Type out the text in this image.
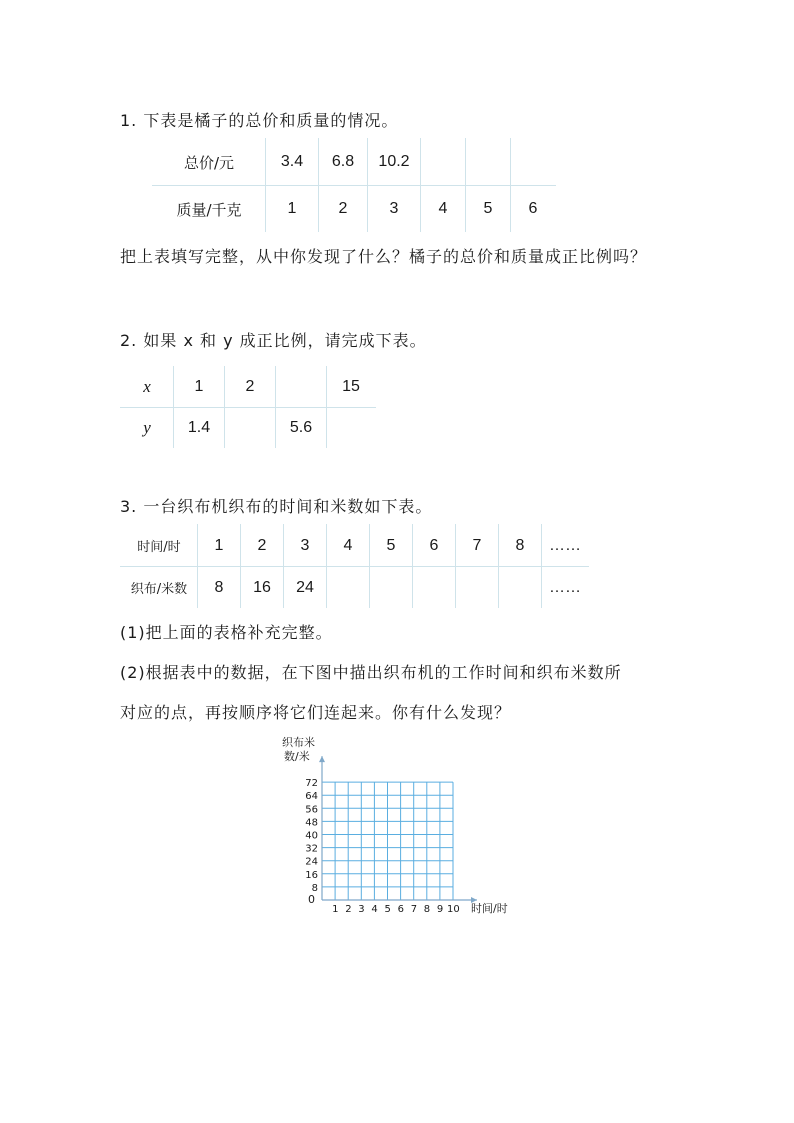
1. 下表是橘子的总价和质量的情况。
总价/元	3.4	6.8	10.2			
质量/千克	1	2	3	4	5	6
把上表填写完整，从中你发现了什么？橘子的总价和质量成正比例吗？
2. 如果 x 和 y 成正比例，请完成下表。
x	1	2		15
y	1.4		5.6	
3. 一台织布机织布的时间和米数如下表。
时间/时	1	2	3	4	5	6	7	8	……
织布/米数	8	16	24						……
(1)把上面的表格补充完整。
(2)根据表中的数据，在下图中描出织布机的工作时间和织布米数所
对应的点，再按顺序将它们连起来。你有什么发现？
织布米
数/米
时间/时
0
1 2 3 4 5 6 7 8 9 10
8
16
24
32
40
48
56
64
72
